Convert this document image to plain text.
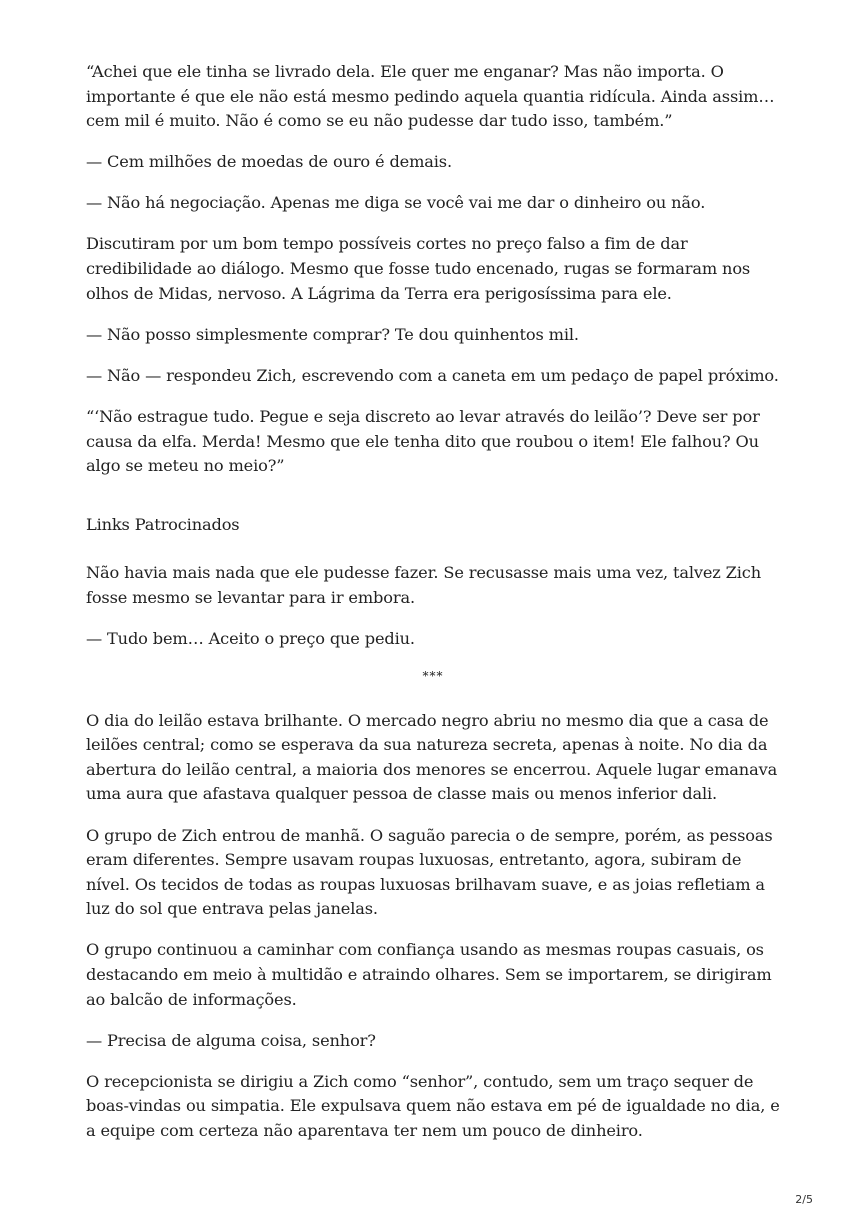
“Achei que ele tinha se livrado dela. Ele quer me enganar? Mas não importa. O importante é que ele não está mesmo pedindo aquela quantia ridícula. Ainda assim… cem mil é muito. Não é como se eu não pudesse dar tudo isso, também.”

— Cem milhões de moedas de ouro é demais.

— Não há negociação. Apenas me diga se você vai me dar o dinheiro ou não.

Discutiram por um bom tempo possíveis cortes no preço falso a fim de dar credibilidade ao diálogo. Mesmo que fosse tudo encenado, rugas se formaram nos olhos de Midas, nervoso. A Lágrima da Terra era perigosíssima para ele.

— Não posso simplesmente comprar? Te dou quinhentos mil.

— Não — respondeu Zich, escrevendo com a caneta em um pedaço de papel próximo.

“‘Não estrague tudo. Pegue e seja discreto ao levar através do leilão’? Deve ser por causa da elfa. Merda! Mesmo que ele tenha dito que roubou o item! Ele falhou? Ou algo se meteu no meio?”

Links Patrocinados

Não havia mais nada que ele pudesse fazer. Se recusasse mais uma vez, talvez Zich fosse mesmo se levantar para ir embora.

— Tudo bem… Aceito o preço que pediu.

***

O dia do leilão estava brilhante. O mercado negro abriu no mesmo dia que a casa de leilões central; como se esperava da sua natureza secreta, apenas à noite. No dia da abertura do leilão central, a maioria dos menores se encerrou. Aquele lugar emanava uma aura que afastava qualquer pessoa de classe mais ou menos inferior dali.

O grupo de Zich entrou de manhã. O saguão parecia o de sempre, porém, as pessoas eram diferentes. Sempre usavam roupas luxuosas, entretanto, agora, subiram de nível. Os tecidos de todas as roupas luxuosas brilhavam suave, e as joias refletiam a luz do sol que entrava pelas janelas.

O grupo continuou a caminhar com confiança usando as mesmas roupas casuais, os destacando em meio à multidão e atraindo olhares. Sem se importarem, se dirigiram ao balcão de informações.

— Precisa de alguma coisa, senhor?

O recepcionista se dirigiu a Zich como “senhor”, contudo, sem um traço sequer de boas-vindas ou simpatia. Ele expulsava quem não estava em pé de igualdade no dia, e a equipe com certeza não aparentava ter nem um pouco de dinheiro.

2/5
